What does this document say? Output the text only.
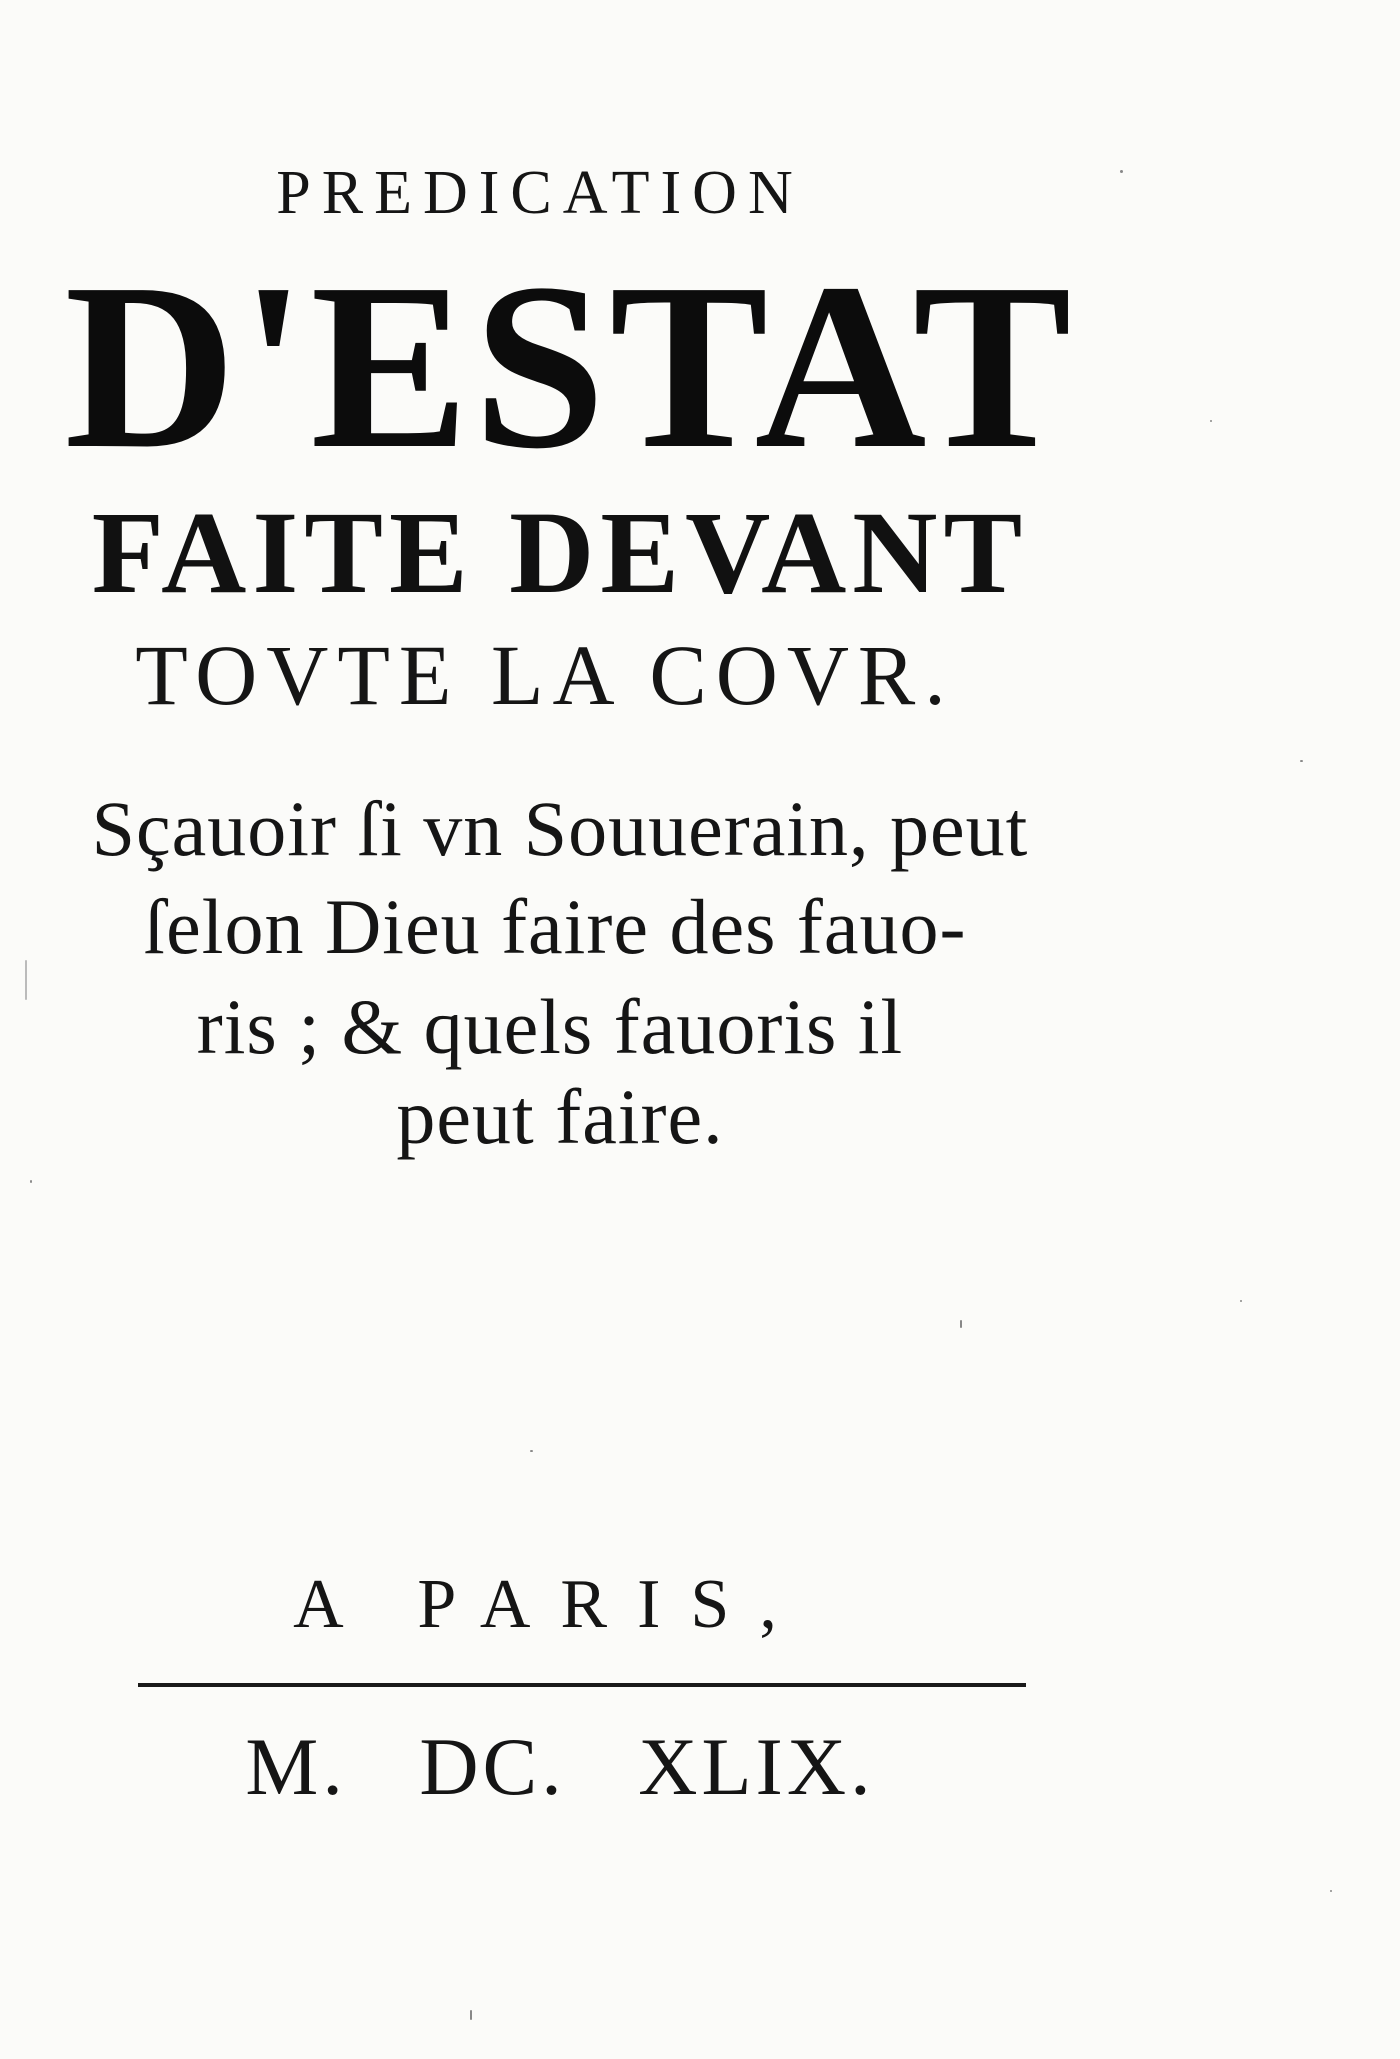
PREDICATION
D'ESTAT
FAITE DEVANT
TOVTE LA COVR.
Sçauoir ſi vn Souuerain, peut
ſelon Dieu faire des fauo-
ris ; & quels fauoris il
peut faire.
A PARIS,
M. DC. XLIX.
